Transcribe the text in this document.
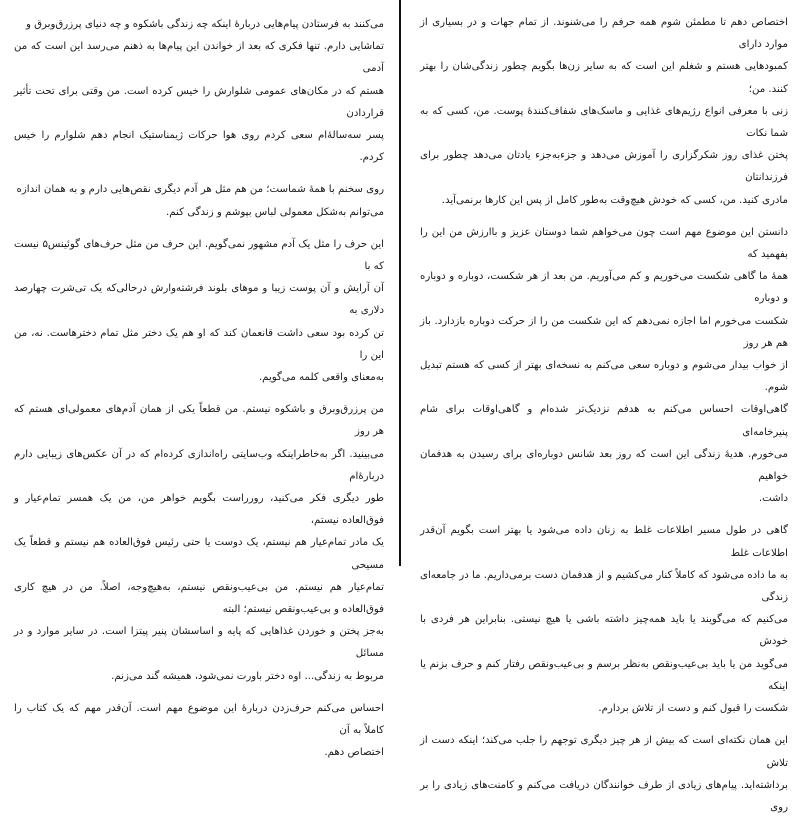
می‌کنند به فرستادن پیام‌هایی دربارهٔ اینکه چه زندگی باشکوه و چه دنیای پرزرق‌وبرق و
تماشایی دارم. تنها فکری که بعد از خواندن این پیام‌ها به ذهنم می‌رسد این است که من آدمی
هستم که در مکان‌های عمومی شلوارش را خیس کرده است. من وقتی برای تحت تأثیر قراردادن
پسر سه‌سالهٔ‌ام سعی کردم روی هوا حرکات ژیمناستیک انجام دهم شلوارم را خیس کردم.
روی سخنم با همهٔ شماست؛ من هم مثل هر آدم دیگری نقص‌هایی دارم و به همان اندازه
می‌توانم به‌شکل معمولی لباس بپوشم و زندگی کنم.
این حرف را مثل یک آدم مشهور نمی‌گویم. این حرف من مثل حرف‌های گوئینس۵ نیست که با
آن آرایش و آن پوست زیبا و موهای بلوند فرشته‌وارش درحالی‌که یک تی‌شرت چهارصد دلاری به
تن کرده بود سعی داشت قانعمان کند که او هم یک دختر مثل تمام دخترهاست. نه، من این را
به‌معنای واقعی کلمه می‌گویم.
من پرزرق‌وبرق و باشکوه نیستم. من قطعاً یکی از همان آدم‌های معمولی‌ای هستم که هر روز
می‌بینید. اگر به‌خاطراینکه وب‌سایتی راه‌اندازی کرده‌ام که در آن عکس‌های زیبایی دارم دربارهٔ‌ام
طور دیگری فکر می‌کنید، رورراست بگویم خواهر من، من یک همسر تمام‌عیار و فوق‌العاده نیستم،
یک مادر تمام‌عیار هم نیستم، یک دوست یا حتی رئیس فوق‌العاده هم نیستم و قطعاً یک مسیحی
تمام‌عیار هم نیستم. من بی‌عیب‌ونقص نیستم، به‌هیچ‌وجه، اصلاً. من در هیچ کاری فوق‌العاده و بی‌عیب‌ونقص نیستم؛ البته
به‌جز پختن و خوردن غذاهایی که پایه و اساسشان پنیر پیتزا است. در سایر موارد و در مسائل
مربوط به زندگی... اوه دختر باورت نمی‌شود، همیشه گند می‌زنم.
احساس می‌کنم حرف‌زدن دربارهٔ این موضوع مهم است. آن‌قدر مهم که یک کتاب را کاملاً به آن
اختصاص دهم.
اختصاص دهم تا مطمئن شوم همه حرفم را می‌شنوند. از تمام جهات و در بسیاری از موارد دارای
کمبودهایی هستم و شغلم این است که به سایر زن‌ها بگویم چطور زندگی‌شان را بهتر کنند. من؛
زنی با معرفی انواع رژیم‌های غذایی و ماسک‌های شفاف‌کنندهٔ پوست. من، کسی که به شما نکات
پختن غذای روز شکرگزاری را آموزش می‌دهد و جزءبه‌جزء یادتان می‌دهد چطور برای فرزندانتان
مادری کنید. من، کسی که خودش هیچ‌وقت به‌طور کامل از پس این کارها برنمی‌آید.
دانستن این موضوع مهم است چون می‌خواهم شما دوستان عزیز و باارزش من این را بفهمید که
همهٔ ما گاهی شکست می‌خوریم و کم می‌آوریم. من بعد از هر شکست، دوباره و دوباره و دوباره
شکست می‌خورم اما اجازه نمی‌دهم که این شکست من را از حرکت دوباره بازدارد. باز هم هر روز
از خواب بیدار می‌شوم و دوباره سعی می‌کنم به نسخه‌ای بهتر از کسی که هستم تبدیل شوم.
گاهی‌اوقات احساس می‌کنم به هدفم نزدیک‌تر شده‌ام و گاهی‌اوقات برای شام پنیرخامه‌ای
می‌خورم. هدیهٔ زندگی این است که روز بعد شانس دوباره‌ای برای رسیدن به هدفمان خواهیم
داشت.
گاهی در طول مسیر اطلاعات غلط به زنان داده می‌شود یا بهتر است بگویم آن‌قدر اطلاعات غلط
به ما داده می‌شود که کاملاً کنار می‌کشیم و از هدفمان دست برمی‌داریم. ما در جامعه‌ای زندگی
می‌کنیم که می‌گویند یا باید همه‌چیز داشته باشی یا هیچ نیستی. بنابراین هر فردی با خودش
می‌گوید من یا باید بی‌عیب‌ونقص به‌نظر برسم و بی‌عیب‌ونقص رفتار کنم و حرف بزنم یا اینکه
شکست را قبول کنم و دست از تلاش بردارم.
این همان نکته‌ای است که بیش از هر چیز دیگری توجهم را جلب می‌کند؛ اینکه دست از تلاش
برداشته‌اید. پیام‌های زیادی از طرف خوانندگان دریافت می‌کنم و کامنت‌های زیادی را بر روی
